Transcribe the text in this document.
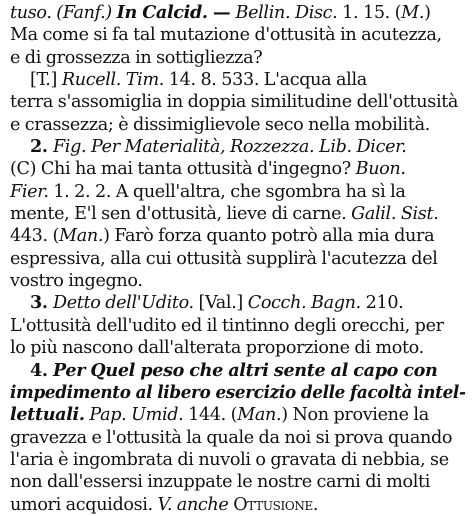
tuso. (Fanf.) In Calcid. — Bellin. Disc. 1. 15. (M.)
Ma come si fa tal mutazione d'ottusità in acutezza,
e di grossezza in sottigliezza?
[T.] Rucell. Tim. 14. 8. 533. L'acqua alla
terra s'assomiglia in doppia similitudine dell'ottusità
e crassezza; è dissimiglievole seco nella mobilità.
2. Fig. Per Materialità, Rozzezza. Lib. Dicer.
(C) Chi ha mai tanta ottusità d'ingegno? Buon.
Fier. 1. 2. 2. A quell'altra, che sgombra ha sì la
mente, E'l sen d'ottusità, lieve di carne. Galil. Sist.
443. (Man.) Farò forza quanto potrò alla mia dura
espressiva, alla cui ottusità supplirà l'acutezza del
vostro ingegno.
3. Detto dell'Udito. [Val.] Cocch. Bagn. 210.
L'ottusità dell'udito ed il tintinno degli orecchi, per
lo più nascono dall'alterata proporzione di moto.
4. Per Quel peso che altri sente al capo con
impedimento al libero esercizio delle facoltà intel-
lettuali. Pap. Umid. 144. (Man.) Non proviene la
gravezza e l'ottusità la quale da noi si prova quando
l'aria è ingombrata di nuvoli o gravata di nebbia, se
non dall'essersi inzuppate le nostre carni di molti
umori acquidosi. V. anche Ottusione.
